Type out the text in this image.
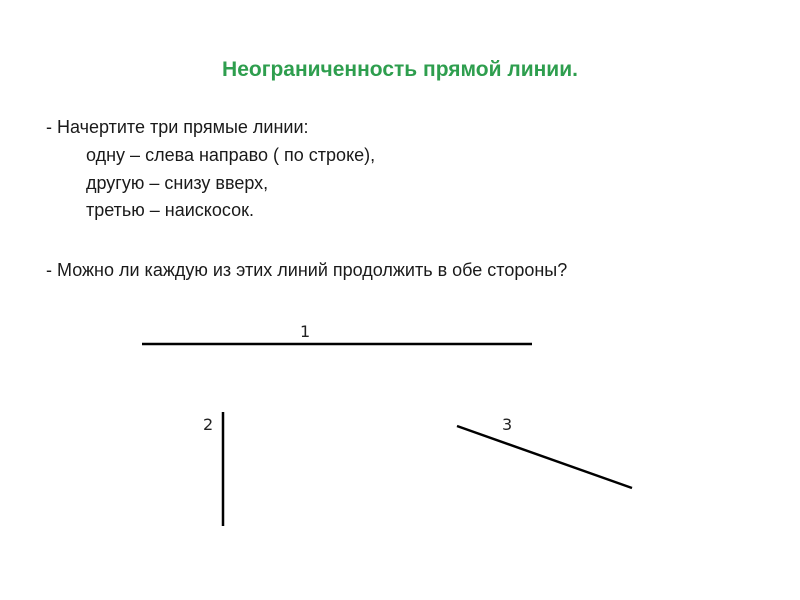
Неограниченность прямой линии.

- Начертите три прямые линии:

одну – слева направо ( по строке),

другую – снизу вверх,

третью – наискосок.

- Можно ли каждую из этих линий продолжить в обе стороны?

1
2	3
